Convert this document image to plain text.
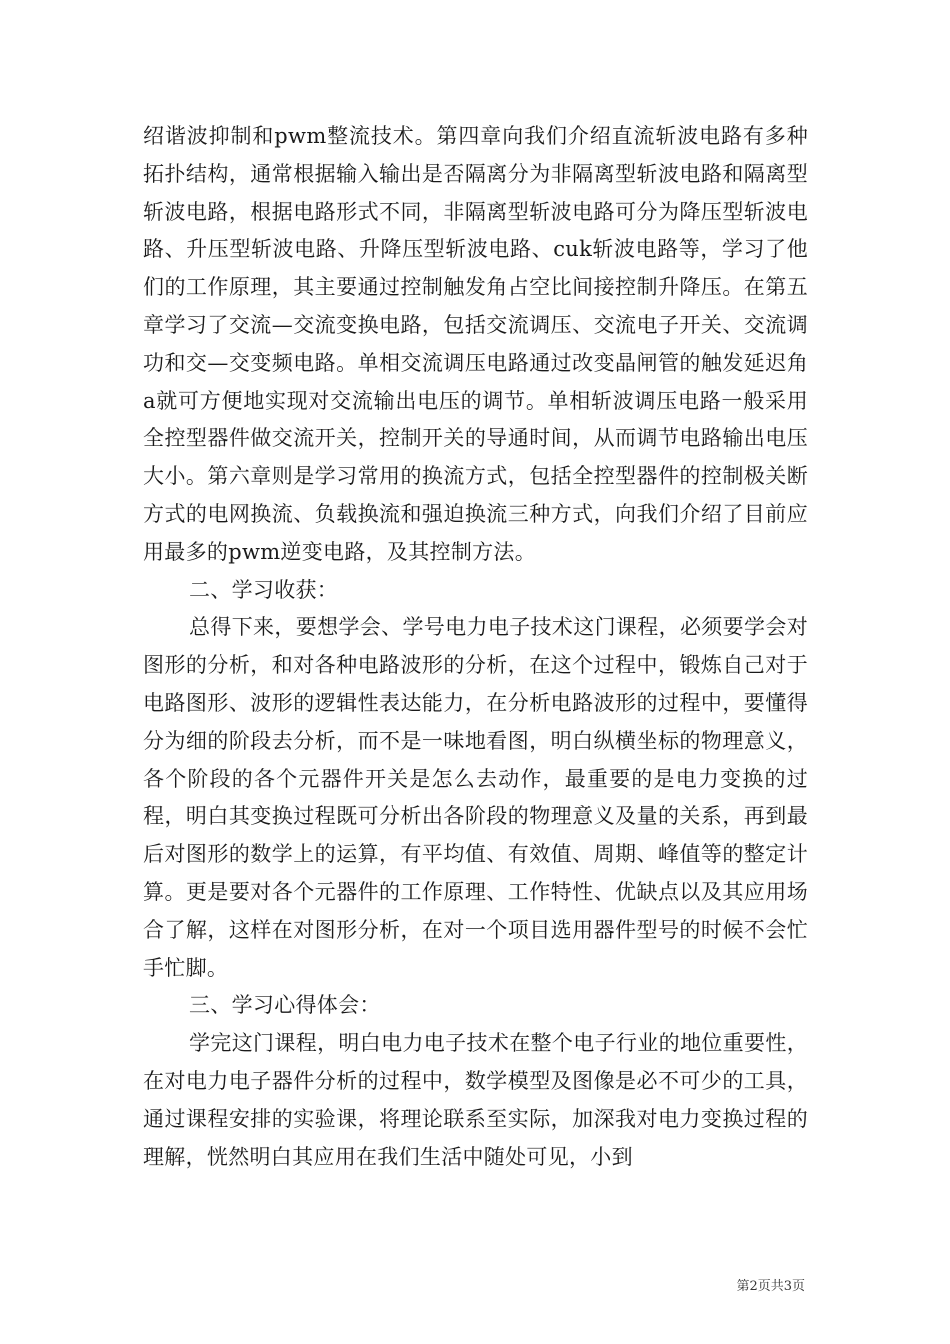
绍谐波抑制和pwm整流技术。第四章向我们介绍直流斩波电路有多种拓扑结构，通常根据输入输出是否隔离分为非隔离型斩波电路和隔离型斩波电路，根据电路形式不同，非隔离型斩波电路可分为降压型斩波电路、升压型斩波电路、升降压型斩波电路、cuk斩波电路等，学习了他们的工作原理，其主要通过控制触发角占空比间接控制升降压。在第五章学习了交流—交流变换电路，包括交流调压、交流电子开关、交流调功和交—交变频电路。单相交流调压电路通过改变晶闸管的触发延迟角a就可方便地实现对交流输出电压的调节。单相斩波调压电路一般采用全控型器件做交流开关，控制开关的导通时间，从而调节电路输出电压大小。第六章则是学习常用的换流方式，包括全控型器件的控制极关断方式的电网换流、负载换流和强迫换流三种方式，向我们介绍了目前应用最多的pwm逆变电路，及其控制方法。

二、学习收获：

总得下来，要想学会、学号电力电子技术这门课程，必须要学会对图形的分析，和对各种电路波形的分析，在这个过程中，锻炼自己对于电路图形、波形的逻辑性表达能力，在分析电路波形的过程中，要懂得分为细的阶段去分析，而不是一味地看图，明白纵横坐标的物理意义，各个阶段的各个元器件开关是怎么去动作，最重要的是电力变换的过程，明白其变换过程既可分析出各阶段的物理意义及量的关系，再到最后对图形的数学上的运算，有平均值、有效值、周期、峰值等的整定计算。更是要对各个元器件的工作原理、工作特性、优缺点以及其应用场合了解，这样在对图形分析，在对一个项目选用器件型号的时候不会忙手忙脚。

三、学习心得体会：

学完这门课程，明白电力电子技术在整个电子行业的地位重要性，在对电力电子器件分析的过程中，数学模型及图像是必不可少的工具，通过课程安排的实验课，将理论联系至实际，加深我对电力变换过程的理解，恍然明白其应用在我们生活中随处可见，小到

第2页共3页
